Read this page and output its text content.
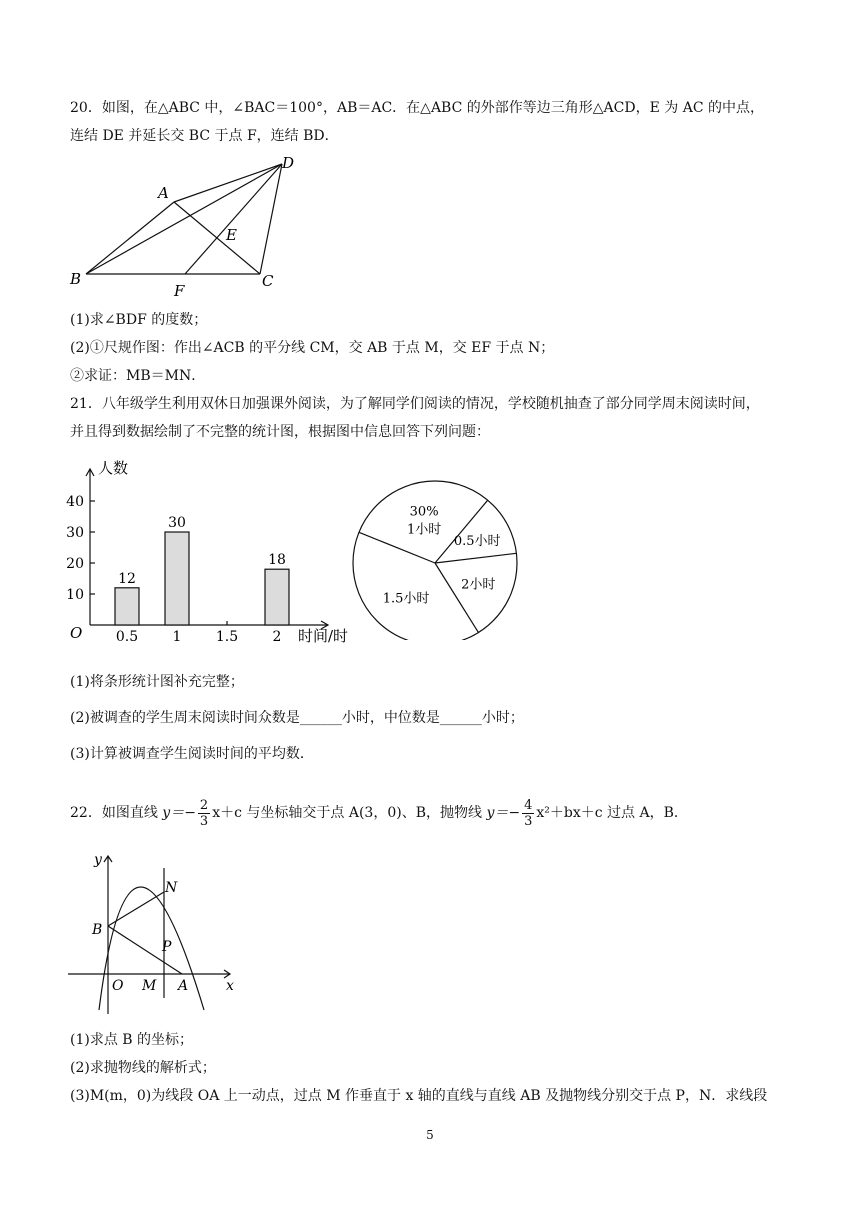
20．如图，在△ABC 中，∠BAC＝100°，AB＝AC．在△ABC 的外部作等边三角形△ACD，E 为 AC 的中点，
连结 DE 并延长交 BC 于点 F，连结 BD．
A
B	C
D
E
F
(1)求∠BDF 的度数；
(2)①尺规作图：作出∠ACB 的平分线 CM，交 AB 于点 M，交 EF 于点 N；
②求证：MB＝MN．
21．八年级学生利用双休日加强课外阅读，为了解同学们阅读的情况，学校随机抽查了部分同学周末阅读时间，
并且得到数据绘制了不完整的统计图，根据图中信息回答下列问题：
10
20
30
40
0.5
12
1
30
1.5 2
18
人数
时间/时
O
30%
1小时
0.5小时
2小时
1.5小时
(1)将条形统计图补充完整；
(2)被调查的学生周末阅读时间众数是______小时，中位数是______小时；
(3)计算被调查学生阅读时间的平均数．
22．如图直线 $y=- \frac{2}{3} x+c$ 与坐标轴交于点 A(3，0)、B，抛物线 $y=- \frac{4}{3} x^2+bx+c$ 过点 A，B．
y
x
O M A
B
N
P
(1)求点 B 的坐标；
(2)求抛物线的解析式；
(3)M(m，0)为线段 OA 上一动点，过点 M 作垂直于 x 轴的直线与直线 AB 及抛物线分别交于点 P，N．求线段
5
